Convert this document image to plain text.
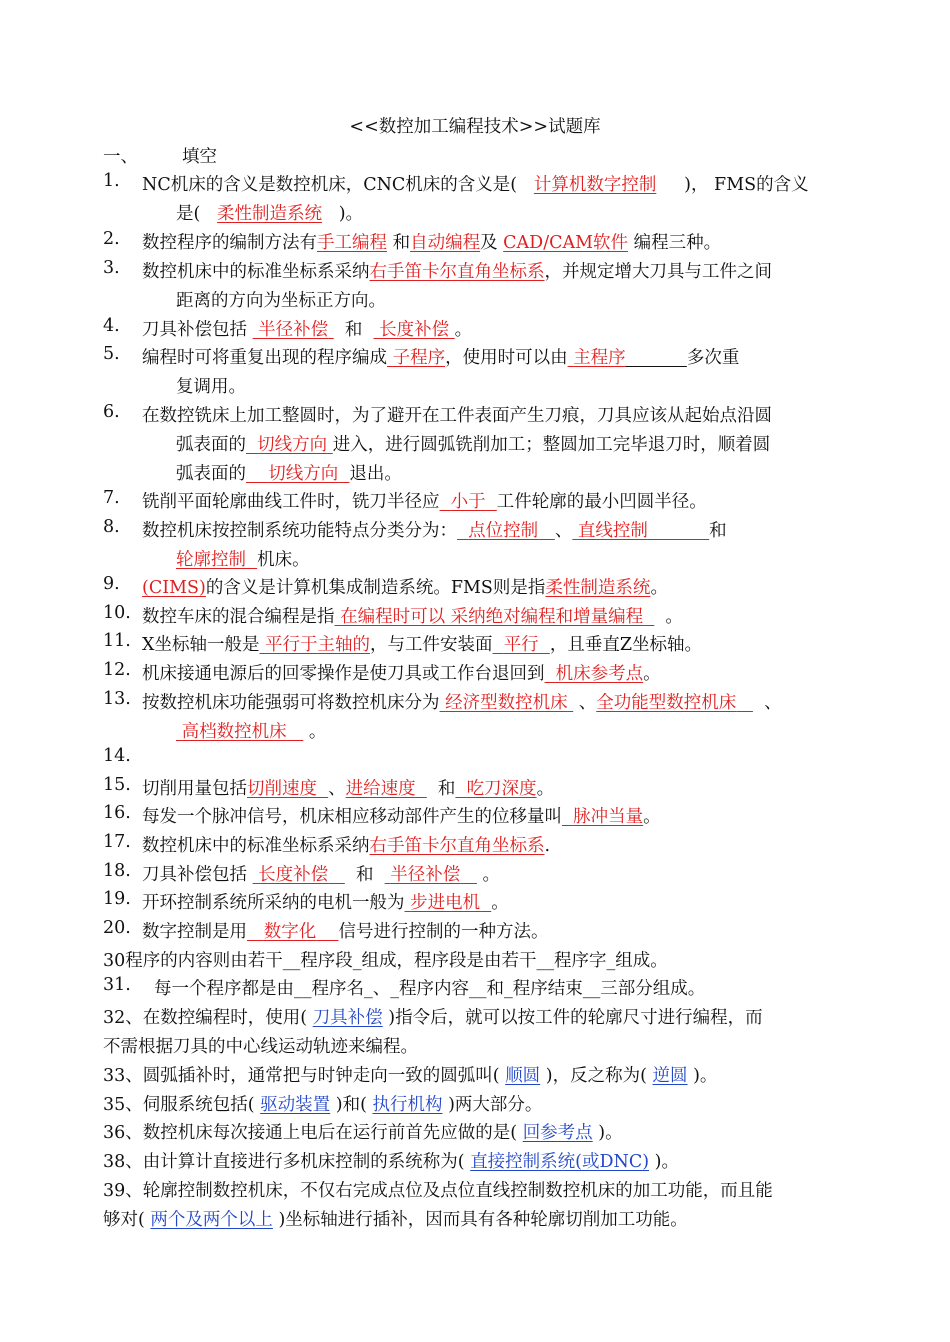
<<数控加工编程技术>>试题库
一、	填空
1. NC机床的含义是数控机床，CNC机床的含义是( 计算机数字控制 )， FMS的含义
是( 柔性制造系统 )。
2. 数控程序的编制方法有手工编程 和自动编程及 CAD/CAM软件 编程三种。
3. 数控机床中的标准坐标系采纳右手笛卡尔直角坐标系，并规定增大刀具与工件之间
距离的方向为坐标正方向。
4. 刀具补偿包括 半径补偿 和 长度补偿 。
5. 编程时可将重复出现的程序编成 子程序，使用时可以由 主程序	多次重
复调用。
6. 在数控铣床上加工整圆时，为了避开在工件表面产生刀痕，刀具应该从起始点沿圆
弧表面的 切线方向 进入，进行圆弧铣削加工；整圆加工完毕退刀时，顺着圆
弧表面的 切线方向 退出。
7. 铣削平面轮廓曲线工件时，铣刀半径应 小于 工件轮廓的最小凹圆半径。
8. 数控机床按控制系统功能特点分类分为： 点位控制 、 直线控制	和
轮廓控制 机床。
9. (CIMS)的含义是计算机集成制造系统。FMS则是指柔性制造系统。
10. 数控车床的混合编程是指 在编程时可以 采纳绝对编程和增量编程 。
11. X坐标轴一般是 平行于主轴的，与工件安装面 平行 ，且垂直Z坐标轴。
12. 机床接通电源后的回零操作是使刀具或工作台退回到 机床参考点。
13. 按数控机床功能强弱可将数控机床分为 经济型数控机床 、全功能型数控机床 、
高档数控机床 。
14.
15. 切削用量包括切削速度 、进给速度 和 吃刀深度。
16. 每发一个脉冲信号，机床相应移动部件产生的位移量叫 脉冲当量。
17. 数控机床中的标准坐标系采纳右手笛卡尔直角坐标系.
18. 刀具补偿包括 长度补偿 和 半径补偿 。
19. 开环控制系统所采纳的电机一般为 步进电机 。
20. 数字控制是用 数字化 信号进行控制的一种方法。
30程序的内容则由若干__程序段_组成，程序段是由若干__程序字_组成。
31. 每一个程序都是由__程序名_、_程序内容__和_程序结束__三部分组成。
32、在数控编程时，使用( 刀具补偿 )指令后，就可以按工件的轮廓尺寸进行编程，而
不需根据刀具的中心线运动轨迹来编程。
33、圆弧插补时，通常把与时钟走向一致的圆弧叫( 顺圆 )，反之称为( 逆圆 )。
35、伺服系统包括( 驱动装置 )和( 执行机构 )两大部分。
36、数控机床每次接通上电后在运行前首先应做的是( 回参考点 )。
38、由计算计直接进行多机床控制的系统称为( 直接控制系统(或DNC) )。
39、轮廓控制数控机床，不仅右完成点位及点位直线控制数控机床的加工功能，而且能
够对( 两个及两个以上 )坐标轴进行插补，因而具有各种轮廓切削加工功能。
